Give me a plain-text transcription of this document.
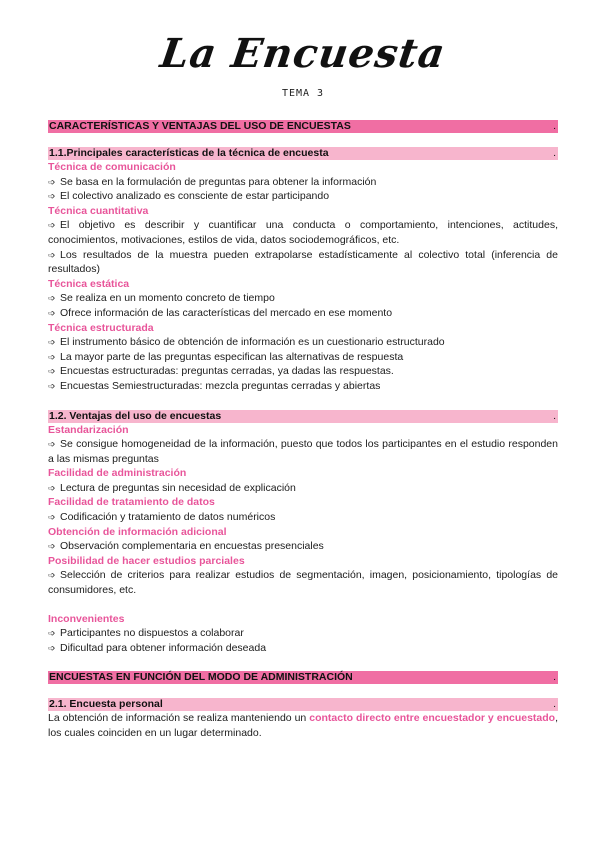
La Encuesta
TEMA 3
CARACTERÍSTICAS Y VENTAJAS DEL USO DE ENCUESTAS	.
1.1.Principales características de la técnica de encuesta	.
Técnica de comunicación
➩ Se basa en la formulación de preguntas para obtener la información
➩ El colectivo analizado es consciente de estar participando
Técnica cuantitativa
➩ El objetivo es describir y cuantificar una conducta o comportamiento, intenciones, actitudes, conocimientos, motivaciones, estilos de vida, datos sociodemográficos, etc.
➩ Los resultados de la muestra pueden extrapolarse estadísticamente al colectivo total (inferencia de resultados)
Técnica estática
➩ Se realiza en un momento concreto de tiempo
➩ Ofrece información de las características del mercado en ese momento
Técnica estructurada
➩ El instrumento básico de obtención de información es un cuestionario estructurado
➩ La mayor parte de las preguntas especifican las alternativas de respuesta
➩ Encuestas estructuradas: preguntas cerradas, ya dadas las respuestas.
➩ Encuestas Semiestructuradas: mezcla preguntas cerradas y abiertas
1.2. Ventajas del uso de encuestas	.
Estandarización
➩ Se consigue homogeneidad de la información, puesto que todos los participantes en el estudio responden a las mismas preguntas
Facilidad de administración
➩ Lectura de preguntas sin necesidad de explicación
Facilidad de tratamiento de datos
➩ Codificación y tratamiento de datos numéricos
Obtención de información adicional
➩ Observación complementaria en encuestas presenciales
Posibilidad de hacer estudios parciales
➩ Selección de criterios para realizar estudios de segmentación, imagen, posicionamiento, tipologías de consumidores, etc.
Inconvenientes
➩ Participantes no dispuestos a colaborar
➩ Dificultad para obtener información deseada
ENCUESTAS EN FUNCIÓN DEL MODO DE ADMINISTRACIÓN	.
2.1. Encuesta personal	.
La obtención de información se realiza manteniendo un contacto directo entre encuestador y encuestado, los cuales coinciden en un lugar determinado.
